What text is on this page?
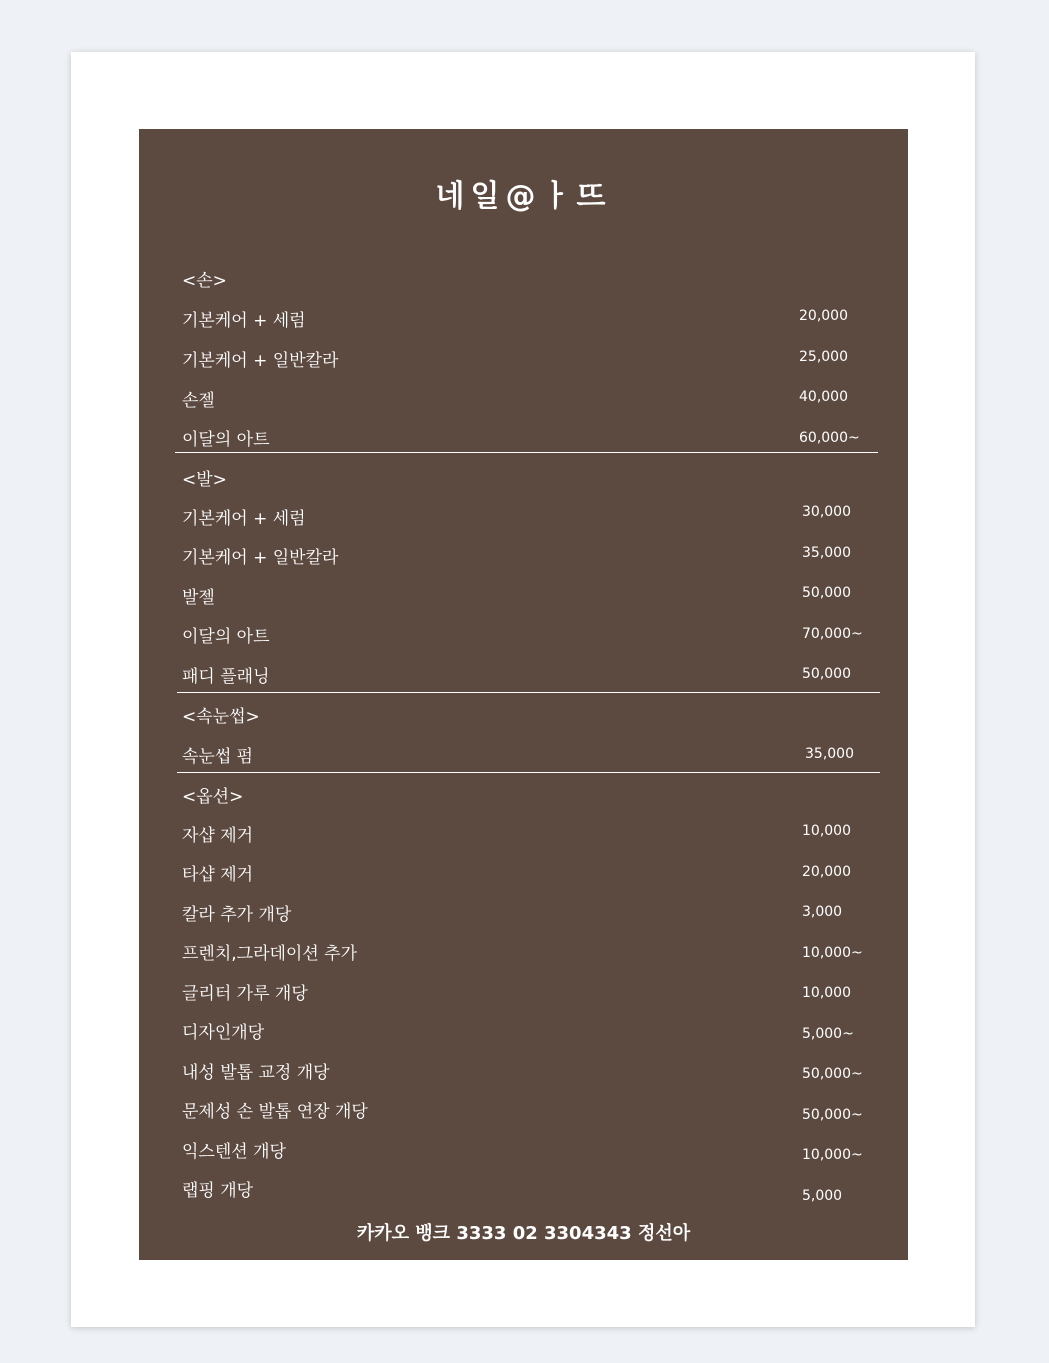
네일@ㅏ뜨
<손>
기본케어 + 세럼	20,000
기본케어 + 일반칼라	25,000
손젤	40,000
이달의 아트	60,000~
<발>
기본케어 + 세럼	30,000
기본케어 + 일반칼라	35,000
발젤	50,000
이달의 아트	70,000~
패디 플래닝	50,000
<속눈썹>
속눈썹 펌	35,000
<옵션>
자샵 제거	10,000
타샵 제거	20,000
칼라 추가 개당	3,000
프렌치,그라데이션 추가	10,000~
글리터 가루 개당	10,000
디자인개당	5,000~
내성 발톱 교정 개당	50,000~
문제성 손 발톱 연장 개당	50,000~
익스텐션 개당	10,000~
랩핑 개당	5,000
카카오 뱅크 3333 02 3304343 정선아
